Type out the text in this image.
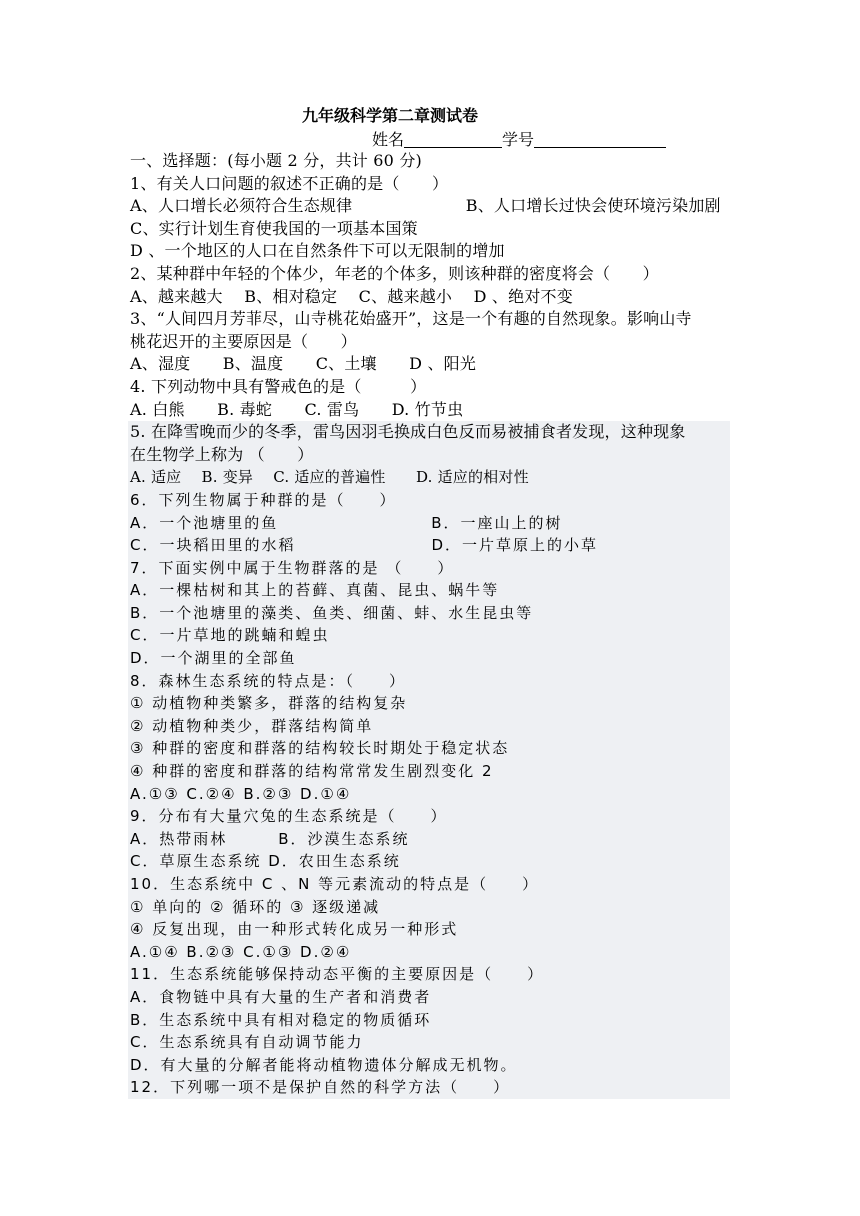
九年级科学第二章测试卷
姓名	学号
一、选择题：(每小题 2 分，共计 60 分)
1、有关人口问题的叙述不正确的是（　　）
A、人口增长必须符合生态规律　　　　　　　B、人口增长过快会使环境污染加剧
C、实行计划生育使我国的一项基本国策
D 、一个地区的人口在自然条件下可以无限制的增加
2、某种群中年轻的个体少，年老的个体多，则该种群的密度将会（　　）
A、越来越大　 B、相对稳定　 C、越来越小　 D 、绝对不变
3、“人间四月芳菲尽，山寺桃花始盛开”，这是一个有趣的自然现象。影响山寺
桃花迟开的主要原因是（　　）
A、湿度　　B、温度　　C、土壤　　D 、阳光
4. 下列动物中具有警戒色的是（　　　）
A. 白熊　　B. 毒蛇　　C. 雷鸟　　D. 竹节虫
5. 在降雪晚而少的冬季，雷鸟因羽毛换成白色反而易被捕食者发现，这种现象
在生物学上称为 （　　）
A. 适应　 B. 变异　 C. 适应的普遍性　　D. 适应的相对性
6．下列生物属于种群的是（　　）
A．一个池塘里的鱼　　　　　　　　　B．一座山上的树
C．一块稻田里的水稻　　　　　　　　D．一片草原上的小草
7．下面实例中属于生物群落的是 （　　）
A．一棵枯树和其上的苔藓、真菌、昆虫、蜗牛等
B．一个池塘里的藻类、鱼类、细菌、蚌、水生昆虫等
C．一片草地的跳蝻和蝗虫
D．一个湖里的全部鱼
8．森林生态系统的特点是：（　　）
① 动植物种类繁多，群落的结构复杂
② 动植物种类少，群落结构简单
③ 种群的密度和群落的结构较长时期处于稳定状态
④ 种群的密度和群落的结构常常发生剧烈变化 2
A.①③ C.②④ B.②③ D.①④
9．分布有大量穴兔的生态系统是（　　）
A．热带雨林　　　B．沙漠生态系统
C．草原生态系统 D．农田生态系统
10．生态系统中 C 、N 等元素流动的特点是（　　）
① 单向的 ② 循环的 ③ 逐级递减
④ 反复出现，由一种形式转化成另一种形式
A.①④ B.②③ C.①③ D.②④
11．生态系统能够保持动态平衡的主要原因是（　　）
A．食物链中具有大量的生产者和消费者
B．生态系统中具有相对稳定的物质循环
C．生态系统具有自动调节能力
D．有大量的分解者能将动植物遗体分解成无机物。
12．下列哪一项不是保护自然的科学方法（　　）
